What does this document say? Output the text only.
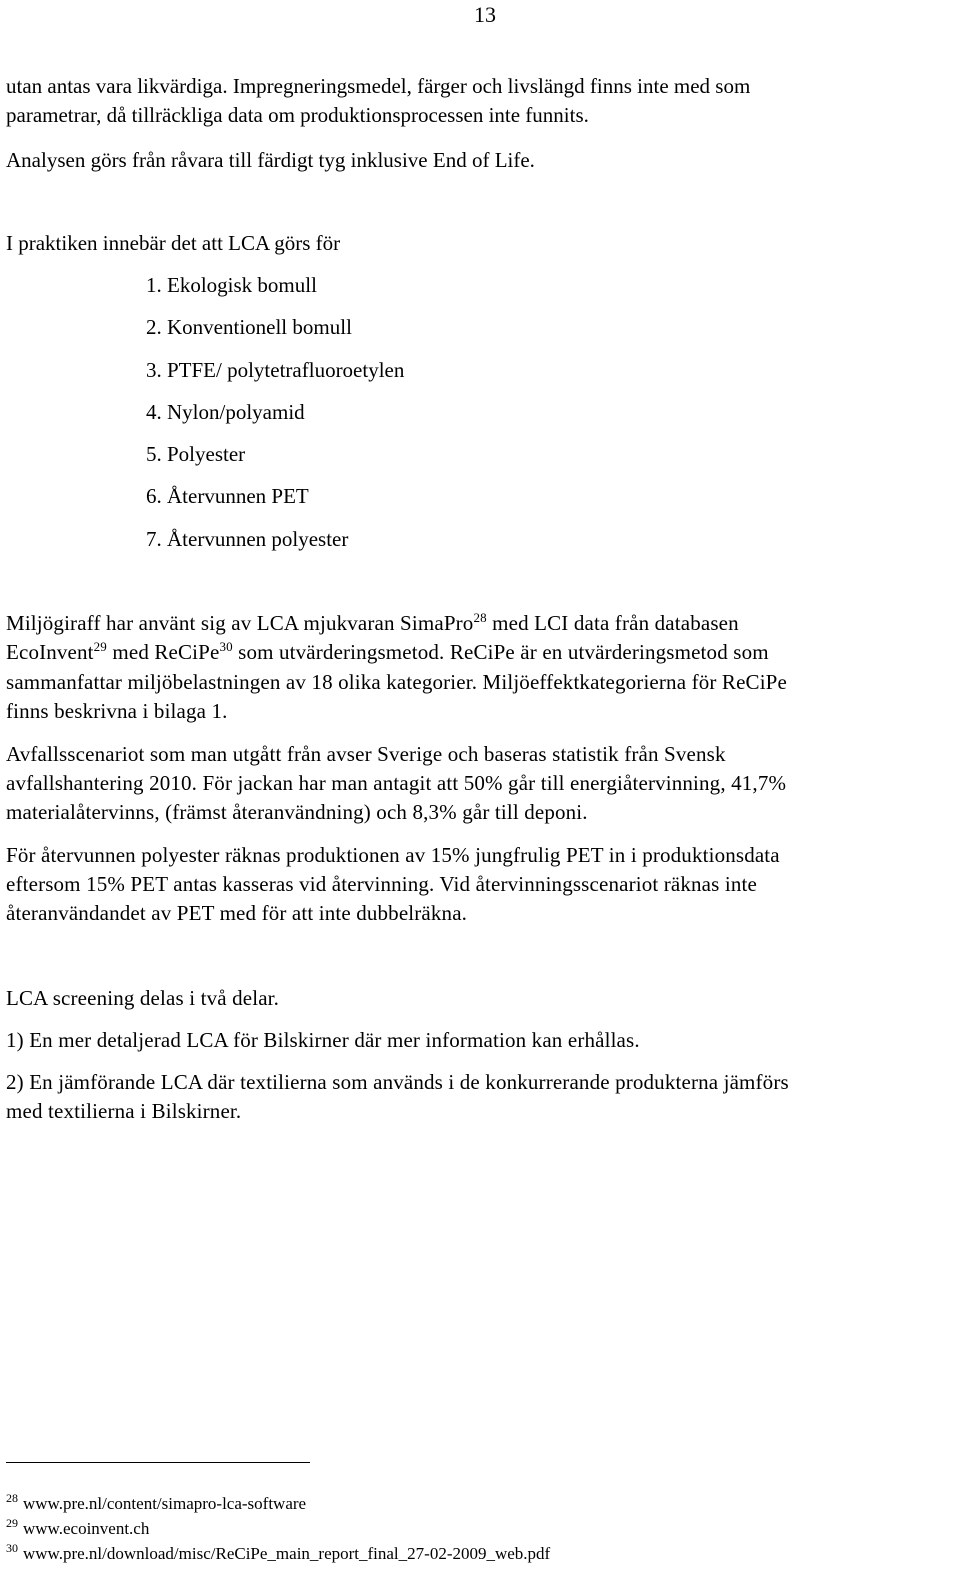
13

utan antas vara likvärdiga. Impregneringsmedel, färger och livslängd finns inte med som

parametrar, då tillräckliga data om produktionsprocessen inte funnits.

Analysen görs från råvara till färdigt tyg inklusive End of Life.

I praktiken innebär det att LCA görs för

1. Ekologisk bomull

2. Konventionell bomull

3. PTFE/ polytetrafluoroetylen

4. Nylon/polyamid

5. Polyester

6. Återvunnen PET

7. Återvunnen polyester

Miljögiraff har använt sig av LCA mjukvaran SimaPro$^{28}$ med LCI data från databasen

EcoInvent$^{29}$ med ReCiPe$^{30}$ som utvärderingsmetod. ReCiPe är en utvärderingsmetod som

sammanfattar miljöbelastningen av 18 olika kategorier. Miljöeffektkategorierna för ReCiPe

finns beskrivna i bilaga 1.

Avfallsscenariot som man utgått från avser Sverige och baseras statistik från Svensk

avfallshantering 2010. För jackan har man antagit att 50% går till energiåtervinning, 41,7%

materialåtervinns, (främst återanvändning) och 8,3% går till deponi.

För återvunnen polyester räknas produktionen av 15% jungfrulig PET in i produktionsdata

eftersom 15% PET antas kasseras vid återvinning. Vid återvinningsscenariot räknas inte

återanvändandet av PET med för att inte dubbelräkna.

LCA screening delas i två delar.

1) En mer detaljerad LCA för Bilskirner där mer information kan erhållas.

2) En jämförande LCA där textilierna som används i de konkurrerande produkterna jämförs

med textilierna i Bilskirner.

$^{28}$ www.pre.nl/content/simapro-lca-software

$^{29}$ www.ecoinvent.ch

$^{30}$ www.pre.nl/download/misc/ReCiPe_main_report_final_27-02-2009_web.pdf
